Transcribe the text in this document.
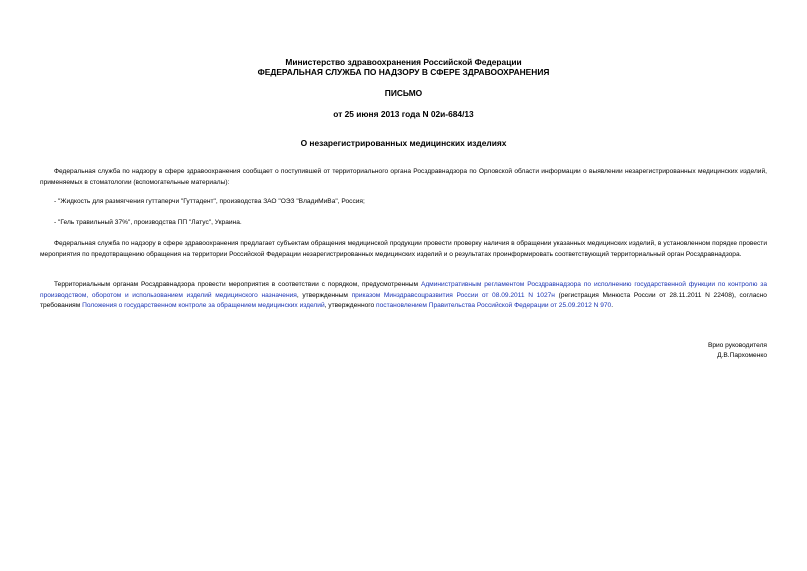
Министерство здравоохранения Российской Федерации
ФЕДЕРАЛЬНАЯ СЛУЖБА ПО НАДЗОРУ В СФЕРЕ ЗДРАВООХРАНЕНИЯ
ПИСЬМО
от 25 июня 2013 года N 02и-684/13
О незарегистрированных медицинских изделиях
Федеральная служба по надзору в сфере здравоохранения сообщает о поступившей от территориального органа Росздравнадзора по Орловской области информации о выявлении незарегистрированных медицинских изделий, применяемых в стоматологии (вспомогательные материалы):
- "Жидкость для размягчения гуттаперчи "Гуттадент", производства ЗАО "ОЭЗ "ВладиМиВа", Россия;
- "Гель травильный 37%", производства ПП "Латус", Украина.
Федеральная служба по надзору в сфере здравоохранения предлагает субъектам обращения медицинской продукции провести проверку наличия в обращении указанных медицинских изделий, в установленном порядке провести мероприятия по предотвращению обращения на территории Российской Федерации незарегистрированных медицинских изделий и о результатах проинформировать соответствующий территориальный орган Росздравнадзора.
Территориальным органам Росздравнадзора провести мероприятия в соответствии с порядком, предусмотренным Административным регламентом Росздравнадзора по исполнению государственной функции по контролю за производством, оборотом и использованием изделий медицинского назначения, утвержденным приказом Минздравсоцразвития России от 08.09.2011 N 1027н (регистрация Минюста России от 28.11.2011 N 22408), согласно требованиям Положения о государственном контроле за обращением медицинских изделий, утвержденного постановлением Правительства Российской Федерации от 25.09.2012 N 970.
Врио руководителя
Д.В.Пархоменко
